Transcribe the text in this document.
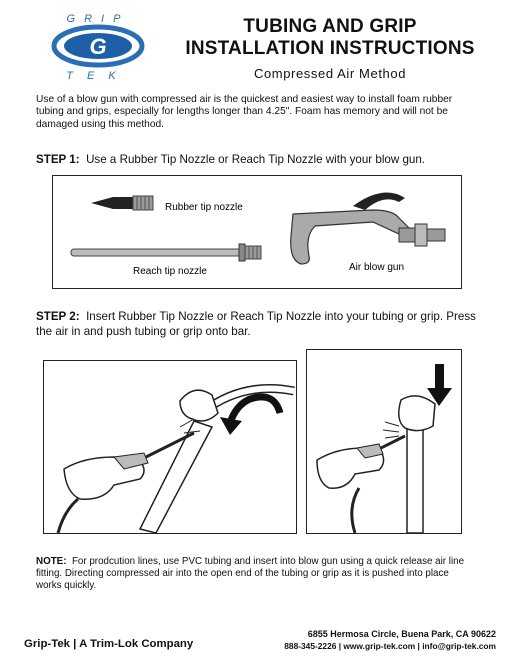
GRIP
G
TEK
TUBING AND GRIP
INSTALLATION INSTRUCTIONS
Compressed Air Method
Use of a blow gun with compressed air is the quickest and easiest way to install foam rubber tubing and grips, especially for lengths longer than 4.25". Foam has memory and will not be damaged using this method.
STEP 1: Use a Rubber Tip Nozzle or Reach Tip Nozzle with your blow gun.
Rubber tip nozzle
Reach tip nozzle	Air blow gun
STEP 2: Insert Rubber Tip Nozzle or Reach Tip Nozzle into your tubing or grip. Press the air in and push tubing or grip onto bar.
NOTE: For prodcution lines, use PVC tubing and insert into blow gun using a quick release air line fitting. Directing compressed air into the open end of the tubing or grip as it is pushed into place works quickly.
Grip-Tek | A Trim-Lok Company
6855 Hermosa Circle, Buena Park, CA 90622
888-345-2226 | www.grip-tek.com | info@grip-tek.com
